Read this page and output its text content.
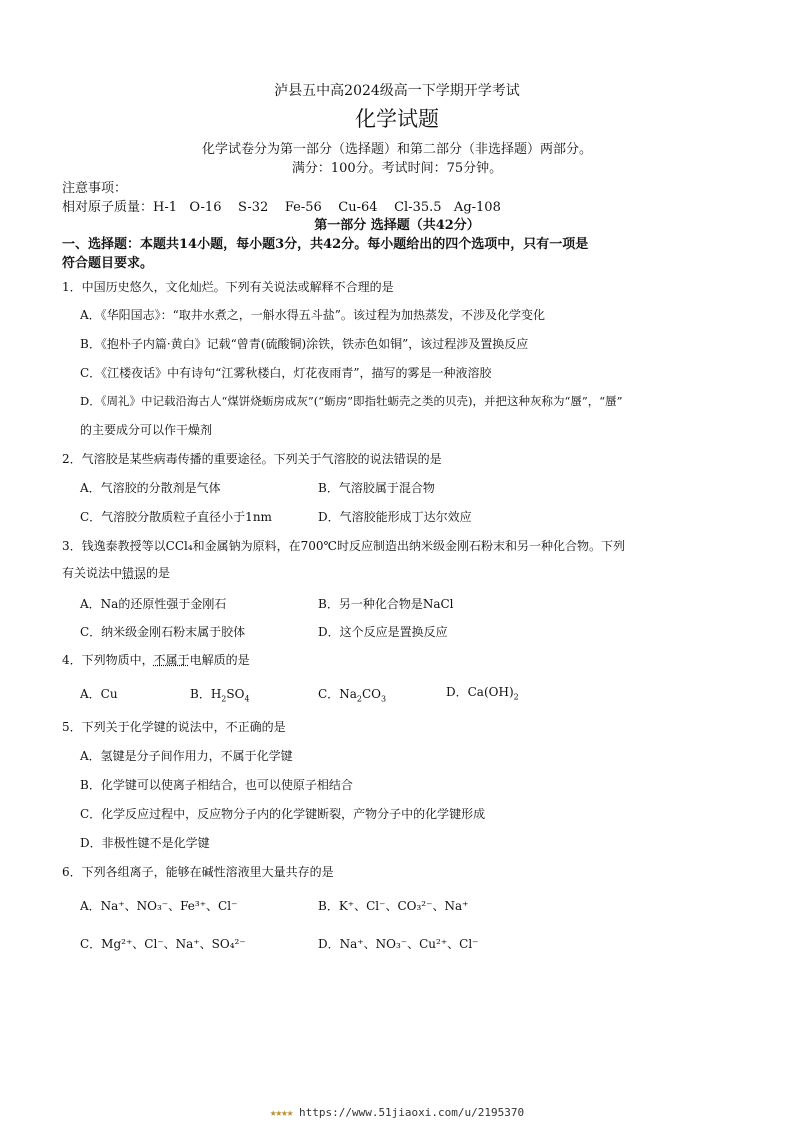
泸县五中高2024级高一下学期开学考试
化学试题
化学试卷分为第一部分（选择题）和第二部分（非选择题）两部分。
满分：100分。考试时间：75分钟。
注意事项：
相对原子质量：H-1   O-16    S-32    Fe-56    Cu-64    Cl-35.5   Ag-108
第一部分 选择题（共42分）
一、选择题：本题共14小题，每小题3分，共42分。每小题给出的四个选项中，只有一项是
符合题目要求。
1．中国历史悠久，文化灿烂。下列有关说法或解释不合理的是
A．《华阳国志》：“取井水煮之，一斛水得五斗盐”。该过程为加热蒸发，不涉及化学变化
B．《抱朴子内篇·黄白》记载“曾青(硫酸铜)涂铁，铁赤色如铜”，该过程涉及置换反应
C．《江楼夜话》中有诗句“江雾秋楼白，灯花夜雨青”，描写的雾是一种液溶胶
D．《周礼》中记载沿海古人“煤饼烧蛎房成灰”(“蛎房”即指牡蛎壳之类的贝壳)，并把这种灰称为“蜃”，“蜃”
的主要成分可以作干燥剂
2．气溶胶是某些病毒传播的重要途径。下列关于气溶胶的说法错误的是
A．气溶胶的分散剂是气体	B．气溶胶属于混合物
C．气溶胶分散质粒子直径小于1nm	D．气溶胶能形成丁达尔效应
3．钱逸泰教授等以CCl₄和金属钠为原料，在700℃时反应制造出纳米级金刚石粉末和另一种化合物。下列
有关说法中错误的是
A．Na的还原性强于金刚石	B．另一种化合物是NaCl
C．纳米级金刚石粉末属于胶体	D．这个反应是置换反应
4．下列物质中，不属于电解质的是
A．Cu	B．$H_2SO_4$	C．$Na_2CO_3$	D．$Ca(OH)_2$
5．下列关于化学键的说法中，不正确的是
A．氢键是分子间作用力，不属于化学键
B．化学键可以使离子相结合，也可以使原子相结合
C．化学反应过程中，反应物分子内的化学键断裂，产物分子中的化学键形成
D．非极性键不是化学键
6．下列各组离子，能够在碱性溶液里大量共存的是
A．Na⁺、NO₃⁻、Fe³⁺、Cl⁻	B．K⁺、Cl⁻、CO₃²⁻、Na⁺
C．Mg²⁺、Cl⁻、Na⁺、SO₄²⁻	D．Na⁺、NO₃⁻、Cu²⁺、Cl⁻
★★★★ https://www.51jiaoxi.com/u/2195370
